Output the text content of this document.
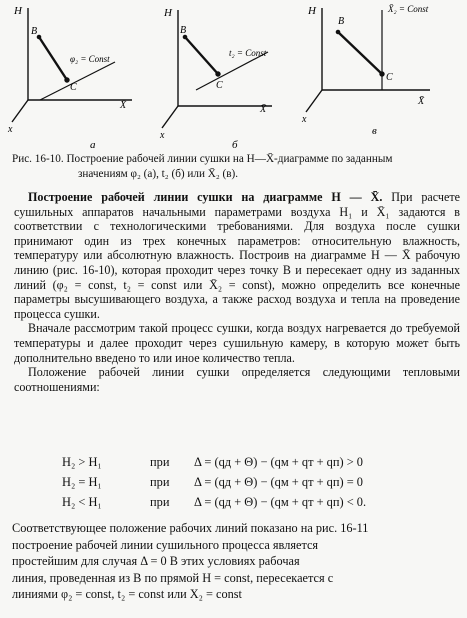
H
X̄
x
B
C
φ₂ = Const
а
H
X̄
x
B
C
t₂ = Const
б
H
X̄
x
B
C
X̄₂ = Const
в
Рис. 16-10. Построение рабочей линии сушки на H—X̄-диаграмме по заданным
значениям φ₂ (а), t₂ (б) или X̄₂ (в).

Построение рабочей линии сушки на диаграмме H — X̄. При расчете сушильных аппаратов начальными параметрами воздуха H₁ и X̄₁ задаются в соответствии с технологическими требованиями. Для воздуха после сушки принимают один из трех конечных параметров: относительную влажность, температуру или абсолютную влажность. Построив на диаграмме H — X̄ рабочую линию (рис. 16-10), которая проходит через точку B и пересекает одну из заданных линий (φ₂ = const, t₂ = const или X̄₂ = const), можно определить все конечные параметры высушивающего воздуха, а также расход воздуха и тепла на проведение процесса сушки.

Вначале рассмотрим такой процесс сушки, когда воздух нагревается до требуемой температуры и далее проходит через сушильную камеру, в которую может быть дополнительно введено то или иное количество тепла.

Положение рабочей линии сушки определяется следующими тепловыми соотношениями:

H₂ > H₁	при Δ = (qд + Θ) − (qм + qт + qп) > 0
H₂ = H₁	при Δ = (qд + Θ) − (qм + qт + qп) = 0
H₂ < H₁	при Δ = (qд + Θ) − (qм + qт + qп) < 0.
Соответствующее положение рабочих линий показано на рис. 16-11
построение рабочей линии сушильного процесса является
простейшим для случая Δ = 0 В этих условиях рабочая
линия, проведенная из B по прямой H = const, пересекается с
линиями φ₂ = const, t₂ = const или X₂ = const
